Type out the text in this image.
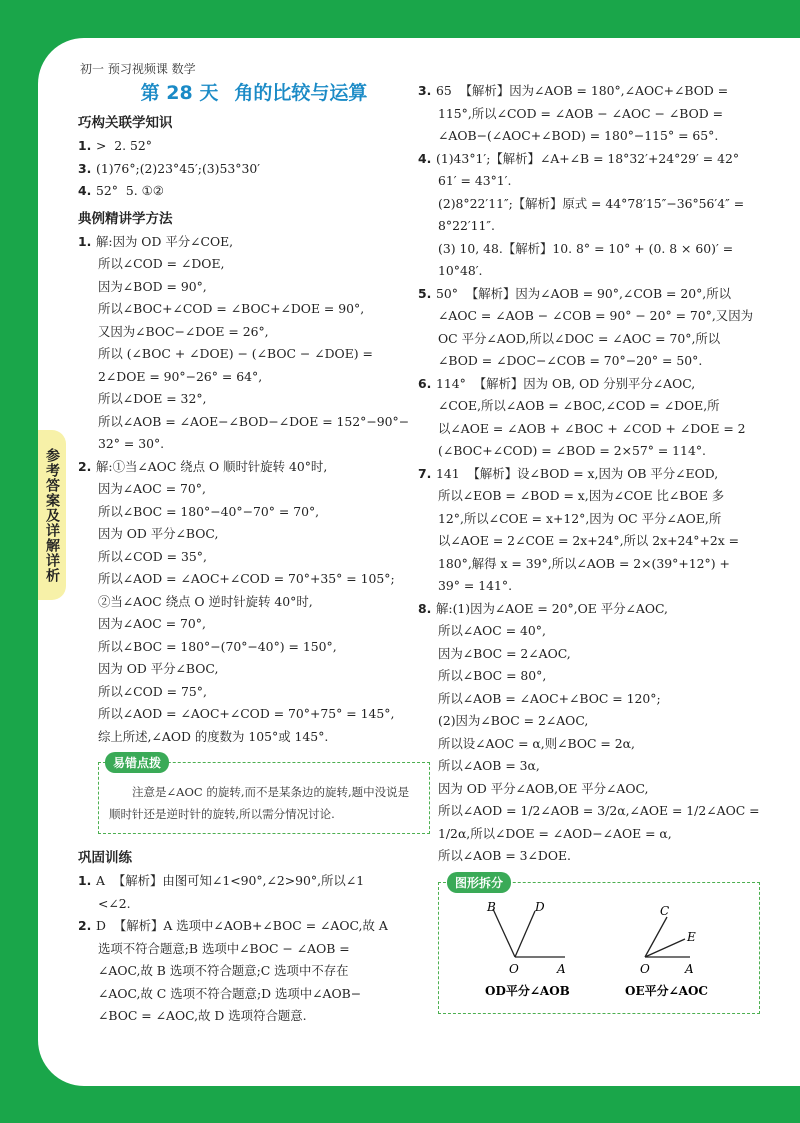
初一 预习视频课 数学
参考答案及详解详析
第 28 天 角的比较与运算
巧构关联学知识
1. >  2. 52°
3. (1)76°;(2)23°45′;(3)53°30′
4. 52°  5. ①②
典例精讲学方法
1. 解:因为 OD 平分∠COE,
所以∠COD = ∠DOE,
因为∠BOD = 90°,
所以∠BOC+∠COD = ∠BOC+∠DOE = 90°,
又因为∠BOC−∠DOE = 26°,
所以 (∠BOC + ∠DOE) − (∠BOC − ∠DOE) =
2∠DOE = 90°−26° = 64°,
所以∠DOE = 32°,
所以∠AOB = ∠AOE−∠BOD−∠DOE = 152°−90°−
32° = 30°.
2. 解:①当∠AOC 绕点 O 顺时针旋转 40°时,
因为∠AOC = 70°,
所以∠BOC = 180°−40°−70° = 70°,
因为 OD 平分∠BOC,
所以∠COD = 35°,
所以∠AOD = ∠AOC+∠COD = 70°+35° = 105°;
②当∠AOC 绕点 O 逆时针旋转 40°时,
因为∠AOC = 70°,
所以∠BOC = 180°−(70°−40°) = 150°,
因为 OD 平分∠BOC,
所以∠COD = 75°,
所以∠AOD = ∠AOC+∠COD = 70°+75° = 145°,
综上所述,∠AOD 的度数为 105°或 145°.
易错点拨
注意是∠AOC 的旋转,而不是某条边的旋转,题中没说是顺时针还是逆时针的旋转,所以需分情况讨论.
巩固训练
1. A  【解析】由图可知∠1<90°,∠2>90°,所以∠1
<∠2.
2. D  【解析】A 选项中∠AOB+∠BOC = ∠AOC,故 A
选项不符合题意;B 选项中∠BOC − ∠AOB =
∠AOC,故 B 选项不符合题意;C 选项中不存在
∠AOC,故 C 选项不符合题意;D 选项中∠AOB−
∠BOC = ∠AOC,故 D 选项符合题意.
3. 65  【解析】因为∠AOB = 180°,∠AOC+∠BOD =
115°,所以∠COD = ∠AOB − ∠AOC − ∠BOD =
∠AOB−(∠AOC+∠BOD) = 180°−115° = 65°.
4. (1)43°1′;【解析】∠A+∠B = 18°32′+24°29′ = 42°
61′ = 43°1′.
(2)8°22′11″;【解析】原式 = 44°78′15″−36°56′4″ =
8°22′11″.
(3) 10, 48.【解析】10. 8° = 10° + (0. 8 × 60)′ =
10°48′.
5. 50°  【解析】因为∠AOB = 90°,∠COB = 20°,所以
∠AOC = ∠AOB − ∠COB = 90° − 20° = 70°,又因为
OC 平分∠AOD,所以∠DOC = ∠AOC = 70°,所以
∠BOD = ∠DOC−∠COB = 70°−20° = 50°.
6. 114°  【解析】因为 OB, OD 分别平分∠AOC,
∠COE,所以∠AOB = ∠BOC,∠COD = ∠DOE,所
以∠AOE = ∠AOB + ∠BOC + ∠COD + ∠DOE = 2
(∠BOC+∠COD) = ∠BOD = 2×57° = 114°.
7. 141  【解析】设∠BOD = x,因为 OB 平分∠EOD,
所以∠EOB = ∠BOD = x,因为∠COE 比∠BOE 多
12°,所以∠COE = x+12°,因为 OC 平分∠AOE,所
以∠AOE = 2∠COE = 2x+24°,所以 2x+24°+2x =
180°,解得 x = 39°,所以∠AOB = 2×(39°+12°) +
39° = 141°.
8. 解:(1)因为∠AOE = 20°,OE 平分∠AOC,
所以∠AOC = 40°,
因为∠BOC = 2∠AOC,
所以∠BOC = 80°,
所以∠AOB = ∠AOC+∠BOC = 120°;
(2)因为∠BOC = 2∠AOC,
所以设∠AOC = α,则∠BOC = 2α,
所以∠AOB = 3α,
因为 OD 平分∠AOB,OE 平分∠AOC,
所以∠AOD = 1/2∠AOB = 3/2α,∠AOE = 1/2∠AOC =
1/2α,所以∠DOE = ∠AOD−∠AOE = α,
所以∠AOB = 3∠DOE.
图形拆分
B	D
O	A
OD平分∠AOB
C
E
O	A
OE平分∠AOC
